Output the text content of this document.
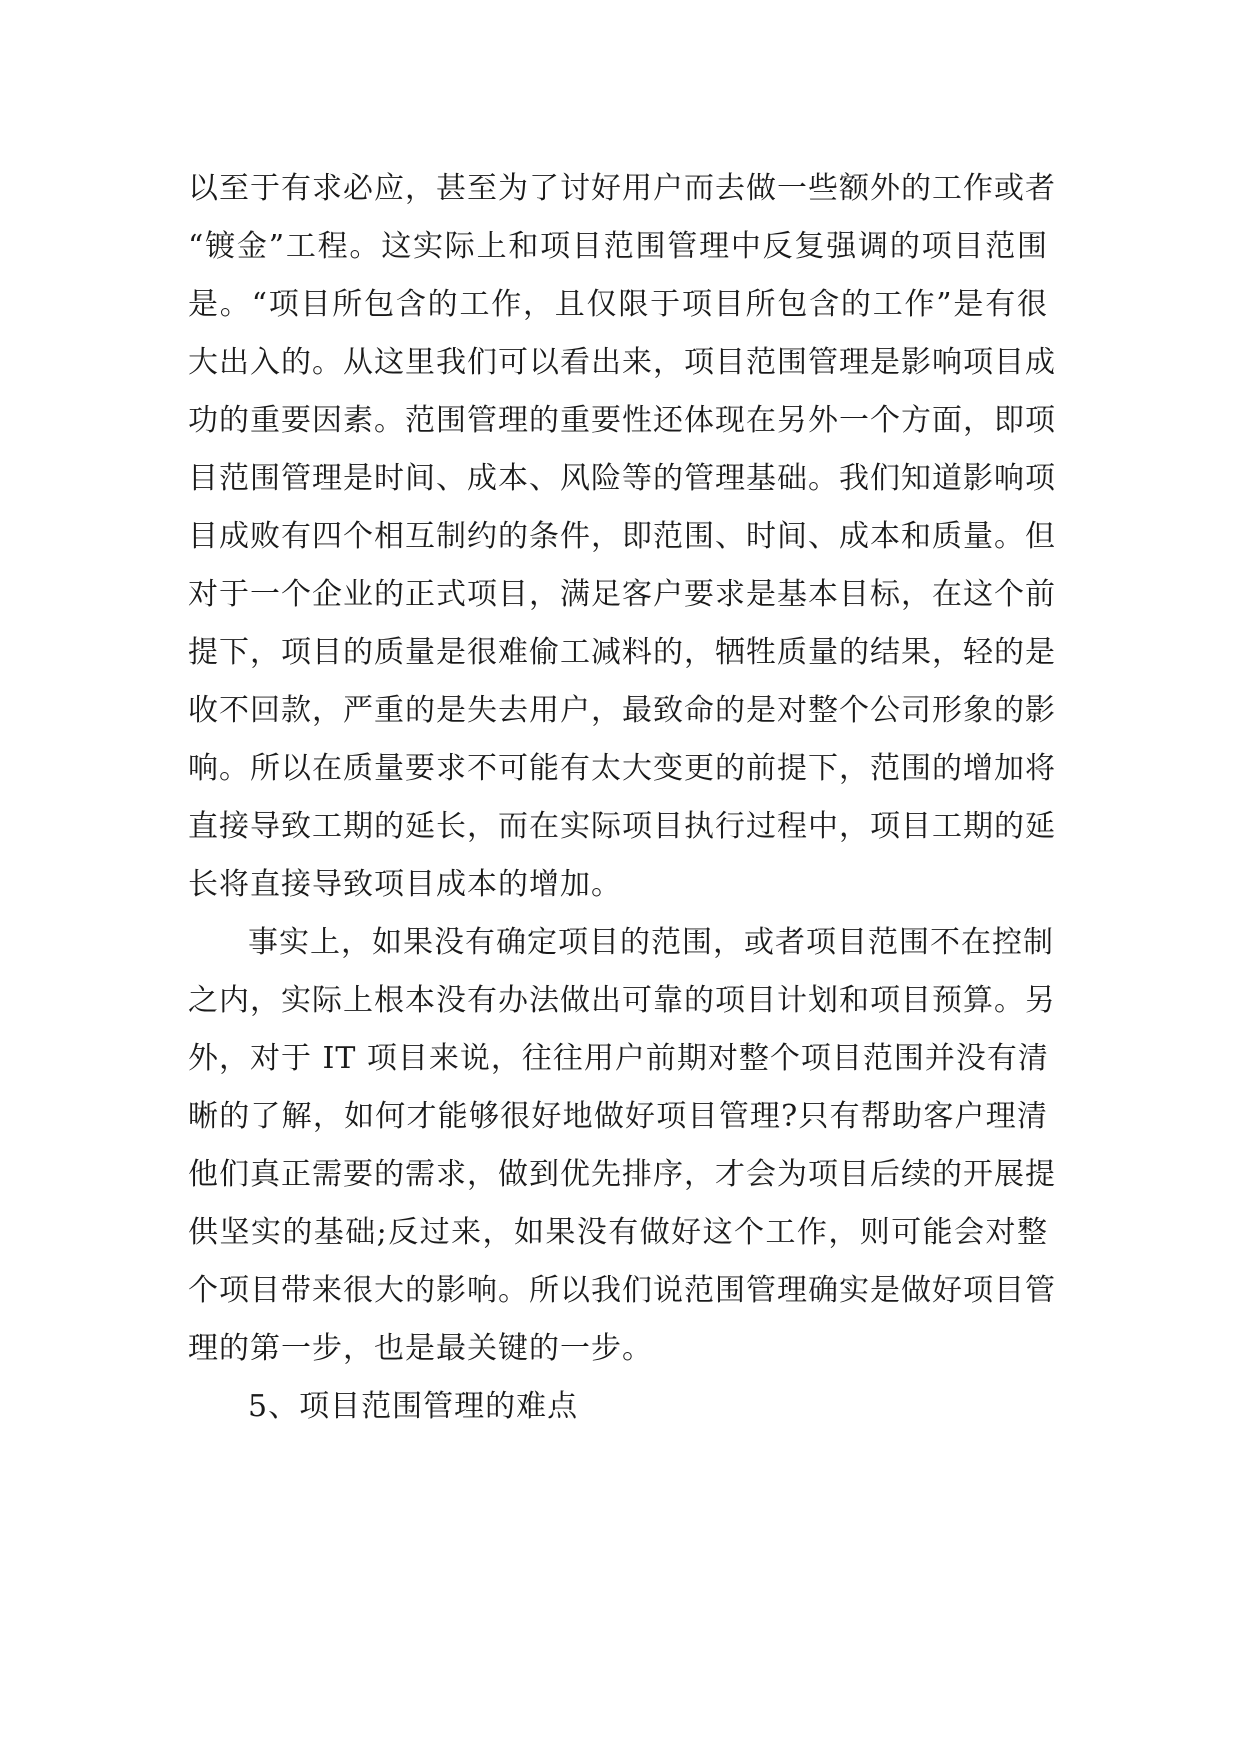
以至于有求必应，甚至为了讨好用户而去做一些额外的工作或者
“镀金”工程。这实际上和项目范围管理中反复强调的项目范围
是。“项目所包含的工作，且仅限于项目所包含的工作”是有很
大出入的。从这里我们可以看出来，项目范围管理是影响项目成
功的重要因素。范围管理的重要性还体现在另外一个方面，即项
目范围管理是时间、成本、风险等的管理基础。我们知道影响项
目成败有四个相互制约的条件，即范围、时间、成本和质量。但
对于一个企业的正式项目，满足客户要求是基本目标，在这个前
提下，项目的质量是很难偷工减料的，牺牲质量的结果，轻的是
收不回款，严重的是失去用户，最致命的是对整个公司形象的影
响。所以在质量要求不可能有太大变更的前提下，范围的增加将
直接导致工期的延长，而在实际项目执行过程中，项目工期的延
长将直接导致项目成本的增加。
事实上，如果没有确定项目的范围，或者项目范围不在控制
之内，实际上根本没有办法做出可靠的项目计划和项目预算。另
外，对于 IT 项目来说，往往用户前期对整个项目范围并没有清
晰的了解，如何才能够很好地做好项目管理?只有帮助客户理清
他们真正需要的需求，做到优先排序，才会为项目后续的开展提
供坚实的基础;反过来，如果没有做好这个工作，则可能会对整
个项目带来很大的影响。所以我们说范围管理确实是做好项目管
理的第一步，也是最关键的一步。
5、项目范围管理的难点
